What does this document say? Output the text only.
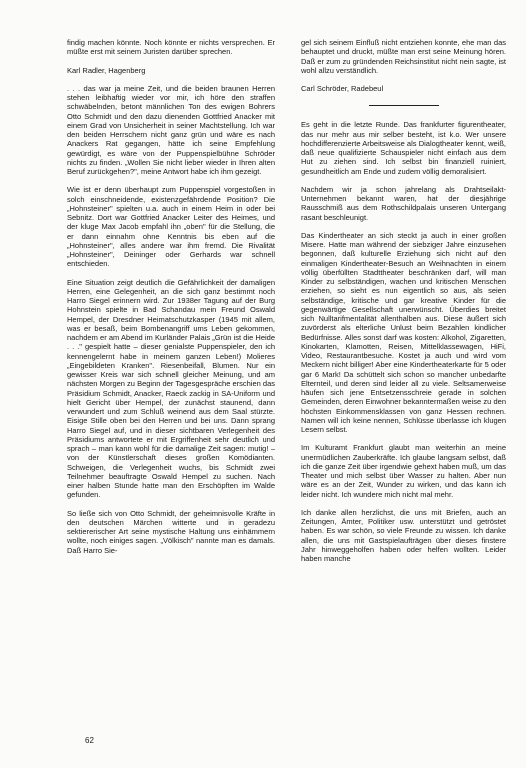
findig machen könnte. Noch könnte er nichts versprechen. Er müßte erst mit seinem Juristen darüber sprechen.

Karl Radler, Hagenberg

. . . das war ja meine Zeit, und die beiden braunen Herren stehen leibhaftig wieder vor mir, ich höre den straffen schwäbelnden, betont männlichen Ton des ewigen Bohrers Otto Schmidt und den dazu dienenden Gottfried Anacker mit einem Grad von Unsicherheit in seiner Machtstellung. Ich war den beiden Herrschern nicht ganz grün und wäre es nach Anackers Rat gegangen, hätte ich seine Empfehlung gewürdigt, es wäre von der Puppenspielbühne Schröder nichts zu finden. „Wollen Sie nicht lieber wieder in Ihren alten Beruf zurückgehen?", meine Antwort habe ich ihm gezeigt.

Wie ist er denn überhaupt zum Puppenspiel vorgestoßen in solch einschneidende, existenzgefährdende Position? Die „Hohnsteiner" spielten u.a. auch in einem Heim in oder bei Sebnitz. Dort war Gottfried Anacker Leiter des Heimes, und der kluge Max Jacob empfahl ihn „oben" für die Stellung, die er dann einnahm ohne Kenntnis bis eben auf die „Hohnsteiner", alles andere war ihm fremd. Die Rivalität „Hohnsteiner", Deininger oder Gerhards war schnell entschieden.

Eine Situation zeigt deutlich die Gefährlichkeit der damaligen Herren, eine Gelegenheit, an die sich ganz bestimmt noch Harro Siegel erinnern wird. Zur 1938er Tagung auf der Burg Hohnstein spielte in Bad Schandau mein Freund Oswald Hempel, der Dresdner Heimatschutzkasper (1945 mit allem, was er besaß, beim Bombenangriff ums Leben gekommen, nachdem er am Abend im Kurländer Palais „Grün ist die Heide . . ." gespielt hatte – dieser genialste Puppenspieler, den ich kennengelernt habe in meinem ganzen Leben!) Molieres „Eingebildeten Kranken". Riesenbeifall, Blumen. Nur ein gewisser Kreis war sich schnell gleicher Meinung, und am nächsten Morgen zu Beginn der Tagesgespräche erschien das Präsidium Schmidt, Anacker, Raeck zackig in SA-Uniform und hielt Gericht über Hempel, der zunächst staunend, dann verwundert und zum Schluß weinend aus dem Saal stürzte. Eisige Stille oben bei den Herren und bei uns. Dann sprang Harro Siegel auf, und in dieser sichtbaren Verlegenheit des Präsidiums antwortete er mit Ergriffenheit sehr deutlich und sprach – man kann wohl für die damalige Zeit sagen: mutig! – von der Künstlerschaft dieses großen Komödianten. Schweigen, die Verlegenheit wuchs, bis Schmidt zwei Teilnehmer beauftragte Oswald Hempel zu suchen. Nach einer halben Stunde hatte man den Erschöpften im Walde gefunden.

So ließe sich von Otto Schmidt, der geheimnisvolle Kräfte in den deutschen Märchen witterte und in geradezu sektiererischer Art seine mystische Haltung uns einhämmern wollte, noch einiges sagen. „Völkisch" nannte man es damals. Daß Harro Sie-

gel sich seinem Einfluß nicht entziehen konnte, ehe man das behauptet und druckt, müßte man erst seine Meinung hören. Daß er zum zu gründenden Reichsinstitut nicht nein sagte, ist wohl allzu verständlich.

Carl Schröder, Radebeul

Es geht in die letzte Runde. Das frankfurter figurentheater, das nur mehr aus mir selber besteht, ist k.o. Wer unsere hochdifferenzierte Arbeitsweise als Dialogtheater kennt, weiß, daß neue qualifizierte Schauspieler nicht einfach aus dem Hut zu ziehen sind. Ich selbst bin finanziell ruiniert, gesundheitlich am Ende und zudem völlig demoralisiert.

Nachdem wir ja schon jahrelang als Drahtseilakt-Unternehmen bekannt waren, hat der diesjährige Rausschmiß aus dem Rothschildpalais unseren Untergang rasant beschleunigt.

Das Kindertheater an sich steckt ja auch in einer großen Misere. Hatte man während der siebziger Jahre einzusehen begonnen, daß kulturelle Erziehung sich nicht auf den einmaligen Kindertheater-Besuch an Weihnachten in einem völlig überfüllten Stadttheater beschränken darf, will man Kinder zu selbständigen, wachen und kritischen Menschen erziehen, so sieht es nun eigentlich so aus, als seien selbständige, kritische und gar kreative Kinder für die gegenwärtige Gesellschaft unerwünscht. Überdies breitet sich Nulltarifmentalität allenthalben aus. Diese äußert sich zuvörderst als elterliche Unlust beim Bezahlen kindlicher Bedürfnisse. Alles sonst darf was kosten: Alkohol, Zigaretten, Kinokarten, Klamotten, Reisen, Mittelklassewagen, HiFi, Video, Restaurantbesuche. Kostet ja auch und wird vom Meckern nicht billiger! Aber eine Kindertheaterkarte für 5 oder gar 6 Mark! Da schüttelt sich schon so mancher unbedarfte Elternteil, und deren sind leider all zu viele. Seltsamerweise häufen sich jene Entsetzensschreie gerade in solchen Gemeinden, deren Einwohner bekanntermaßen weise zu den höchsten Einkommensklassen von ganz Hessen rechnen. Namen will ich keine nennen, Schlüsse überlasse ich klugen Lesern selbst.

Im Kulturamt Frankfurt glaubt man weiterhin an meine unermüdlichen Zauberkräfte. Ich glaube langsam selbst, daß ich die ganze Zeit über irgendwie gehext haben muß, um das Theater und mich selbst über Wasser zu halten. Aber nun wäre es an der Zeit, Wunder zu wirken, und das kann ich leider nicht. Ich wundere mich nicht mal mehr.

Ich danke allen herzlichst, die uns mit Briefen, auch an Zeitungen, Ämter, Politiker usw. unterstützt und getröstet haben. Es war schön, so viele Freunde zu wissen. Ich danke allen, die uns mit Gastspielaufträgen über dieses finstere Jahr hinweggeholfen haben oder helfen wollten. Leider haben manche

62
